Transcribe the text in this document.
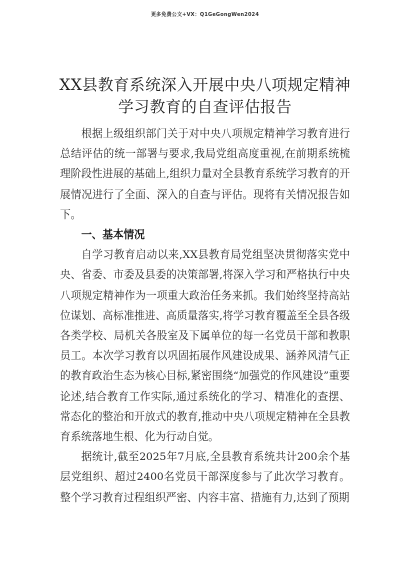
更多免费公文+VX：Q1GeGongWen2024
XX县教育系统深入开展中央八项规定精神学习教育的自查评估报告

根据上级组织部门关于对中央八项规定精神学习教育进行总结评估的统一部署与要求,我局党组高度重视,在前期系统梳理阶段性进展的基础上,组织力量对全县教育系统学习教育的开展情况进行了全面、深入的自查与评估。现将有关情况报告如下。

一、基本情况

自学习教育启动以来,XX县教育局党组坚决贯彻落实党中央、省委、市委及县委的决策部署,将深入学习和严格执行中央八项规定精神作为一项重大政治任务来抓。我们始终坚持高站位谋划、高标准推进、高质量落实,将学习教育覆盖至全县各级各类学校、局机关各股室及下属单位的每一名党员干部和教职员工。本次学习教育以巩固拓展作风建设成果、涵养风清气正的教育政治生态为核心目标,紧密围绕“加强党的作风建设”重要论述,结合教育工作实际,通过系统化的学习、精准化的查摆、常态化的整治和开放式的教育,推动中央八项规定精神在全县教育系统落地生根、化为行动自觉。

据统计,截至2025年7月底,全县教育系统共计200余个基层党组织、超过2400名党员干部深度参与了此次学习教育。整个学习教育过程组织严密、内容丰富、措施有力,达到了预期
